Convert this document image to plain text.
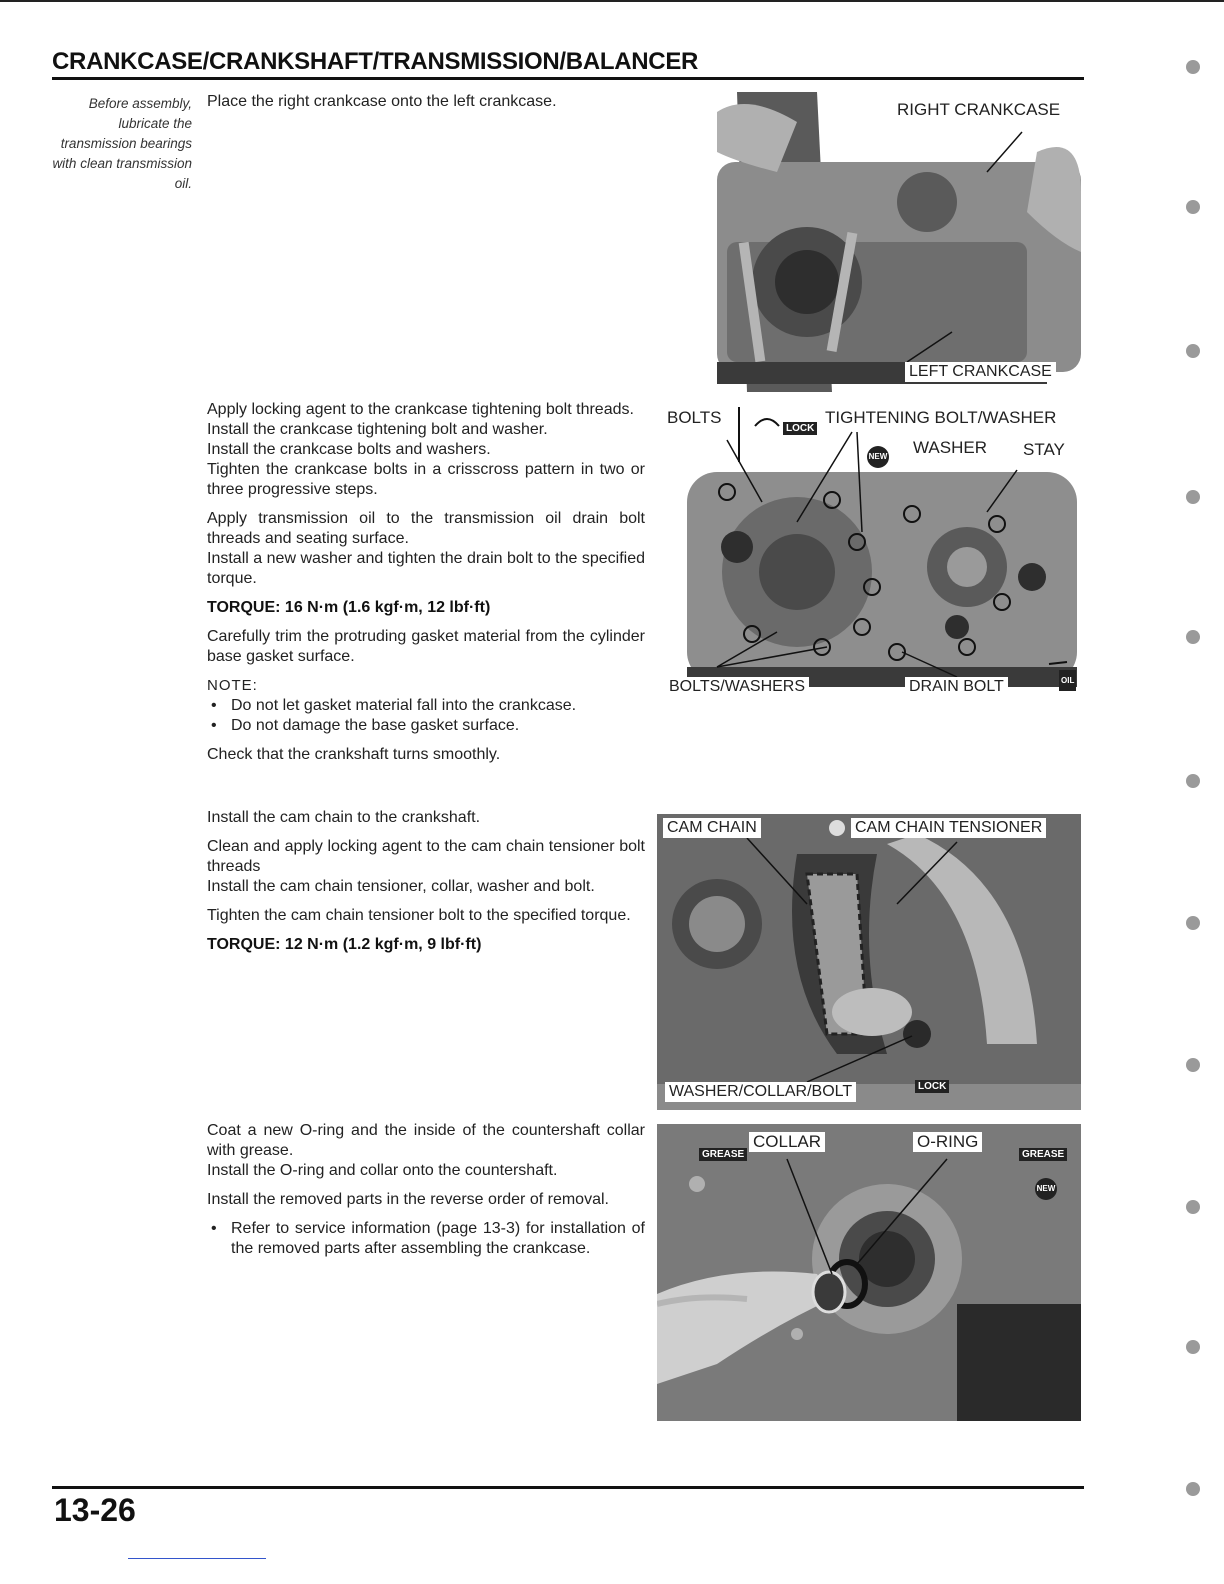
CRANKCASE/CRANKSHAFT/TRANSMISSION/BALANCER
Before assembly, lubricate the transmission bearings with clean transmission oil.

Place the right crankcase onto the left crankcase.

Apply locking agent to the crankcase tightening bolt threads.

Install the crankcase tightening bolt and washer.

Install the crankcase bolts and washers.

Tighten the crankcase bolts in a crisscross pattern in two or three progressive steps.

Apply transmission oil to the transmission oil drain bolt threads and seating surface.

Install a new washer and tighten the drain bolt to the specified torque.

TORQUE: 16 N·m (1.6 kgf·m, 12 lbf·ft)

Carefully trim the protruding gasket material from the cylinder base gasket surface.

NOTE:

• Do not let gasket material fall into the crankcase.
• Do not damage the base gasket surface.

Check that the crankshaft turns smoothly.

Install the cam chain to the crankshaft.

Clean and apply locking agent to the cam chain tensioner bolt threads

Install the cam chain tensioner, collar, washer and bolt.

Tighten the cam chain tensioner bolt to the specified torque.

TORQUE: 12 N·m (1.2 kgf·m, 9 lbf·ft)

Coat a new O-ring and the inside of the countershaft collar with grease.

Install the O-ring and collar onto the countershaft.

Install the removed parts in the reverse order of removal.

• Refer to service information (page 13-3) for installation of the removed parts after assembling the crankcase.
RIGHT CRANKCASE
LEFT CRANKCASE
BOLTS
LOCK
TIGHTENING BOLT/WASHER
NEW WASHER STAY
BOLTS/WASHERS	DRAIN BOLT	OIL
CAM CHAIN	CAM CHAIN TENSIONER
WASHER/COLLAR/BOLT	LOCK
GREASE
COLLAR	O-RING
GREASE
NEW
13-26
